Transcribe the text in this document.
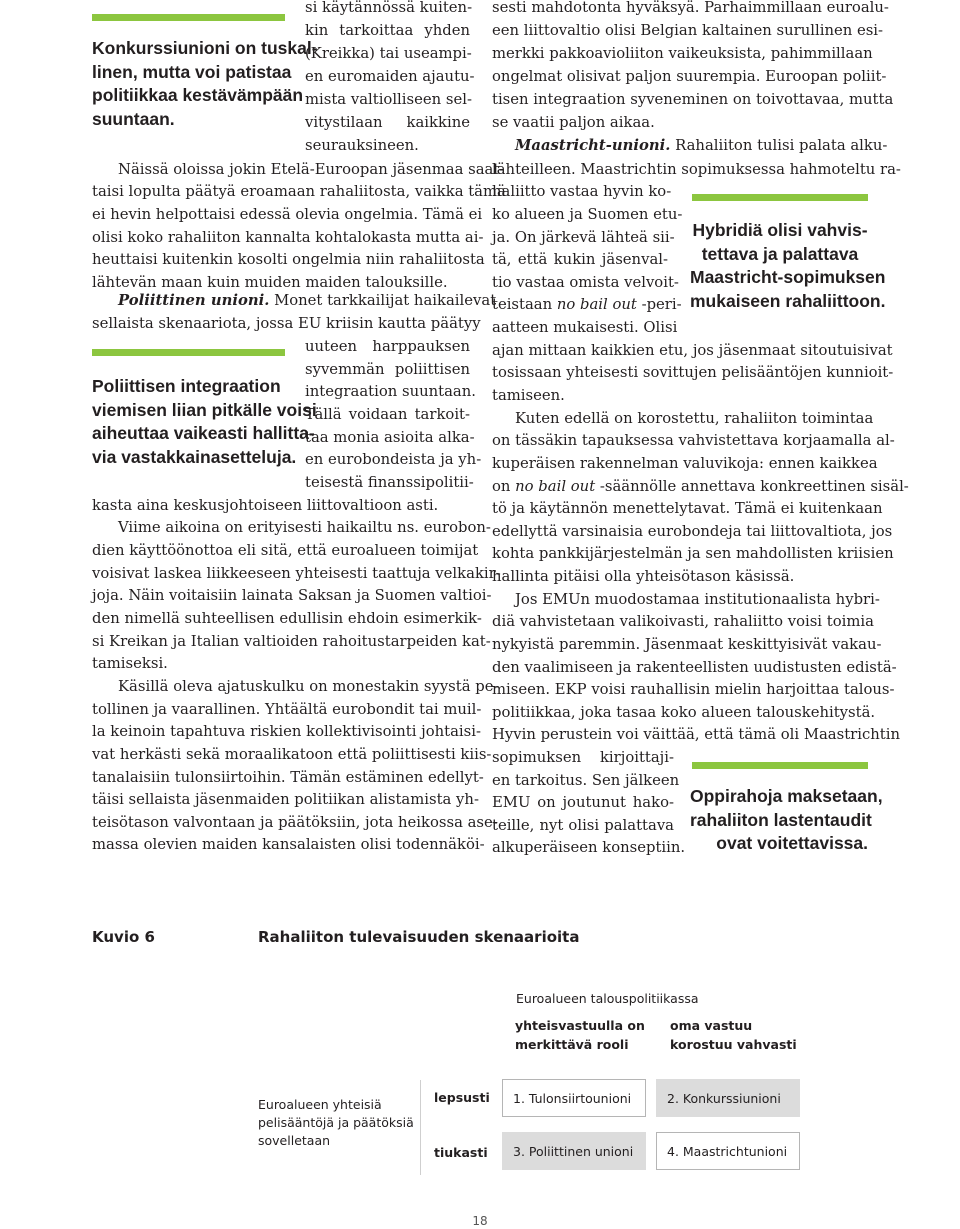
Konkurssiunioni on tuskal-
linen, mutta voi patistaa
politiikkaa kestävämpään
suuntaan.
si käytännössä kuiten-
kin tarkoittaa yhden
(Kreikka) tai useampi-
en euromaiden ajautu-
mista valtiolliseen sel-
vitystilaan kaikkine
seurauksineen.
Näissä oloissa jokin Etelä-Euroopan jäsenmaa saat-
taisi lopulta päätyä eroamaan rahaliitosta, vaikka tämä
ei hevin helpottaisi edessä olevia ongelmia. Tämä ei
olisi koko rahaliiton kannalta kohtalokasta mutta ai-
heuttaisi kuitenkin kosolti ongelmia niin rahaliitosta
lähtevän maan kuin muiden maiden talouksille.
Poliittinen unioni. Monet tarkkailijat haikailevat
sellaista skenaariota, jossa EU kriisin kautta päätyy
uuteen harppauksen
syvemmän poliittisen
integraation suuntaan.
Tällä voidaan tarkoit-
taa monia asioita alka-
en eurobondeista ja yh-
teisestä finanssipolitii-
kasta aina keskusjohtoiseen liittovaltioon asti.
Viime aikoina on erityisesti haikailtu ns. eurobon-
dien käyttöönottoa eli sitä, että euroalueen toimijat
voisivat laskea liikkeeseen yhteisesti taattuja velkakir-
joja. Näin voitaisiin lainata Saksan ja Suomen valtioi-
den nimellä suhteellisen edullisin ehdoin esimerkik-
si Kreikan ja Italian valtioiden rahoitustarpeiden kat-
tamiseksi.
Käsillä oleva ajatuskulku on monestakin syystä pe-
tollinen ja vaarallinen. Yhtäältä eurobondit tai muil-
la keinoin tapahtuva riskien kollektivisointi johtaisi-
vat herkästi sekä moraalikatoon että poliittisesti kiis-
tanalaisiin tulonsiirtoihin. Tämän estäminen edellyt-
täisi sellaista jäsenmaiden politiikan alistamista yh-
teisötason valvontaan ja päätöksiin, jota heikossa ase-
massa olevien maiden kansalaisten olisi todennäköi-
Poliittisen integraation
viemisen liian pitkälle voisi
aiheuttaa vaikeasti hallitta-
via vastakkainasetteluja.
sesti mahdotonta hyväksyä. Parhaimmillaan euroalu-
een liittovaltio olisi Belgian kaltainen surullinen esi-
merkki pakkoavioliiton vaikeuksista, pahimmillaan
ongelmat olisivat paljon suurempia. Euroopan poliit-
tisen integraation syveneminen on toivottavaa, mutta
se vaatii paljon aikaa.
Maastricht-unioni. Rahaliiton tulisi palata alku-
lähteilleen. Maastrichtin sopimuksessa hahmoteltu ra-
haliitto vastaa hyvin ko-
ko alueen ja Suomen etu-
ja. On järkevä lähteä sii-
tä, että kukin jäsenval-
tio vastaa omista velvoit-
teistaan no bail out -peri-
aatteen mukaisesti. Olisi
ajan mittaan kaikkien etu, jos jäsenmaat sitoutuisivat
tosissaan yhteisesti sovittujen pelisääntöjen kunnioit-
tamiseen.
Kuten edellä on korostettu, rahaliiton toimintaa
on tässäkin tapauksessa vahvistettava korjaamalla al-
kuperäisen rakennelman valuvikoja: ennen kaikkea
on no bail out -säännölle annettava konkreettinen sisäl-
tö ja käytännön menettelytavat. Tämä ei kuitenkaan
edellyttä varsinaisia eurobondeja tai liittovaltiota, jos
kohta pankkijärjestelmän ja sen mahdollisten kriisien
hallinta pitäisi olla yhteisötason käsissä.
Jos EMUn muodostamaa institutionaalista hybri-
diä vahvistetaan valikoivasti, rahaliitto voisi toimia
nykyistä paremmin. Jäsenmaat keskittyisivät vakau-
den vaalimiseen ja rakenteellisten uudistusten edistä-
miseen. EKP voisi rauhallisin mielin harjoittaa talous-
politiikkaa, joka tasaa koko alueen talouskehitystä.
Hyvin perustein voi väittää, että tämä oli Maastrichtin
sopimuksen kirjoittaji-
en tarkoitus. Sen jälkeen
EMU on joutunut hako-
teille, nyt olisi palattava
alkuperäiseen konseptiin.
Hybridiä olisi vahvis-
tettava ja palattava
Maastricht-sopimuksen
mukaiseen rahaliittoon.
Oppirahoja maksetaan,
rahaliiton lastentaudit
ovat voitettavissa.
Kuvio 6	Rahaliiton tulevaisuuden skenaarioita
Euroalueen talouspolitiikassa
yhteisvastuulla on
merkittävä rooli
oma vastuu
korostuu vahvasti
Euroalueen yhteisiä
pelisääntöjä ja päätöksiä
sovelletaan
lepsusti
tiukasti
1. Tulonsiirtounioni	2. Konkurssiunioni
3. Poliittinen unioni	4. Maastrichtunioni
18
